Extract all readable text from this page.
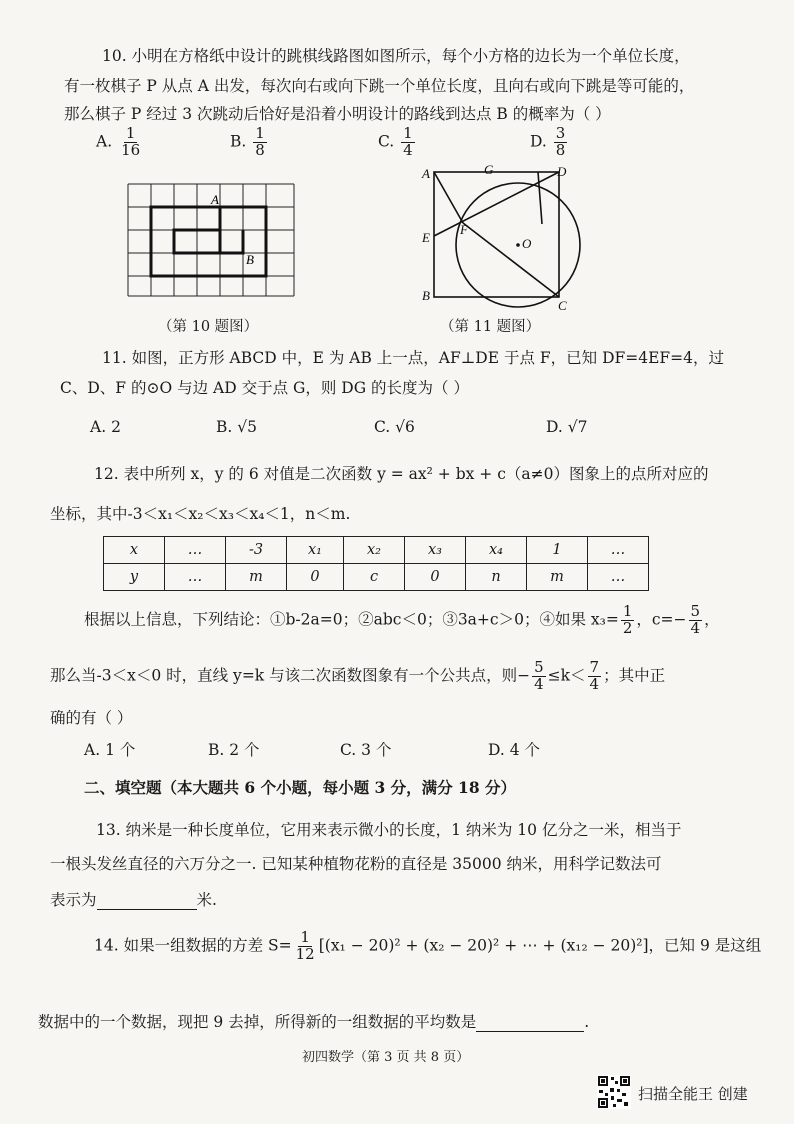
10. 小明在方格纸中设计的跳棋线路图如图所示，每个小方格的边长为一个单位长度，
有一枚棋子 P 从点 A 出发，每次向右或向下跳一个单位长度，且向右或向下跳是等可能的，
那么棋子 P 经过 3 次跳动后恰好是沿着小明设计的路线到达点 B 的概率为（ ）
A. $\frac{1}{16}$	B. $\frac{1}{8}$	C. $\frac{1}{4}$	D. $\frac{3}{8}$
A
B
（第 10 题图）
A	G	D
E
F
O
B
C
（第 11 题图）
11. 如图，正方形 ABCD 中，E 为 AB 上一点，AF⊥DE 于点 F，已知 DF=4EF=4，过
C、D、F 的⊙O 与边 AD 交于点 G，则 DG 的长度为（ ）
A. 2	B. √5	C. √6	D. √7
12. 表中所列 x，y 的 6 对值是二次函数 y = ax² + bx + c（a≠0）图象上的点所对应的
坐标，其中-3＜x₁＜x₂＜x₃＜x₄＜1，n＜m.
x	…	-3	x₁	x₂	x₃	x₄	1	…
y	…	m	0	c	0	n	m	…
根据以上信息，下列结论：①b-2a=0；②abc＜0；③3a+c＞0；④如果 $x_3= \frac{1}{2}$ ，$c=- \frac{5}{4}$ ，
那么当-3＜x＜0 时，直线 y=k 与该二次函数图象有一个公共点，则− $\frac{5}{4} \le k< \frac{7}{4}$ ；其中正
确的有（ ）
A. 1 个	B. 2 个	C. 3 个	D. 4 个
二、填空题（本大题共 6 个小题，每小题 3 分，满分 18 分）
13. 纳米是一种长度单位，它用来表示微小的长度，1 纳米为 10 亿分之一米，相当于
一根头发丝直径的六万分之一. 已知某种植物花粉的直径是 35000 纳米，用科学记数法可
表示为	米.
14. 如果一组数据的方差 $S= \frac{1}{12} [(x_1 - 20)^2 + (x_2 - 20)^2$ + ⋯ + (x₁₂ − 20)²]，已知 9 是这组
数据中的一个数据，现把 9 去掉，所得新的一组数据的平均数是	.
初四数学（第 3 页 共 8 页）
扫描全能王 创建
